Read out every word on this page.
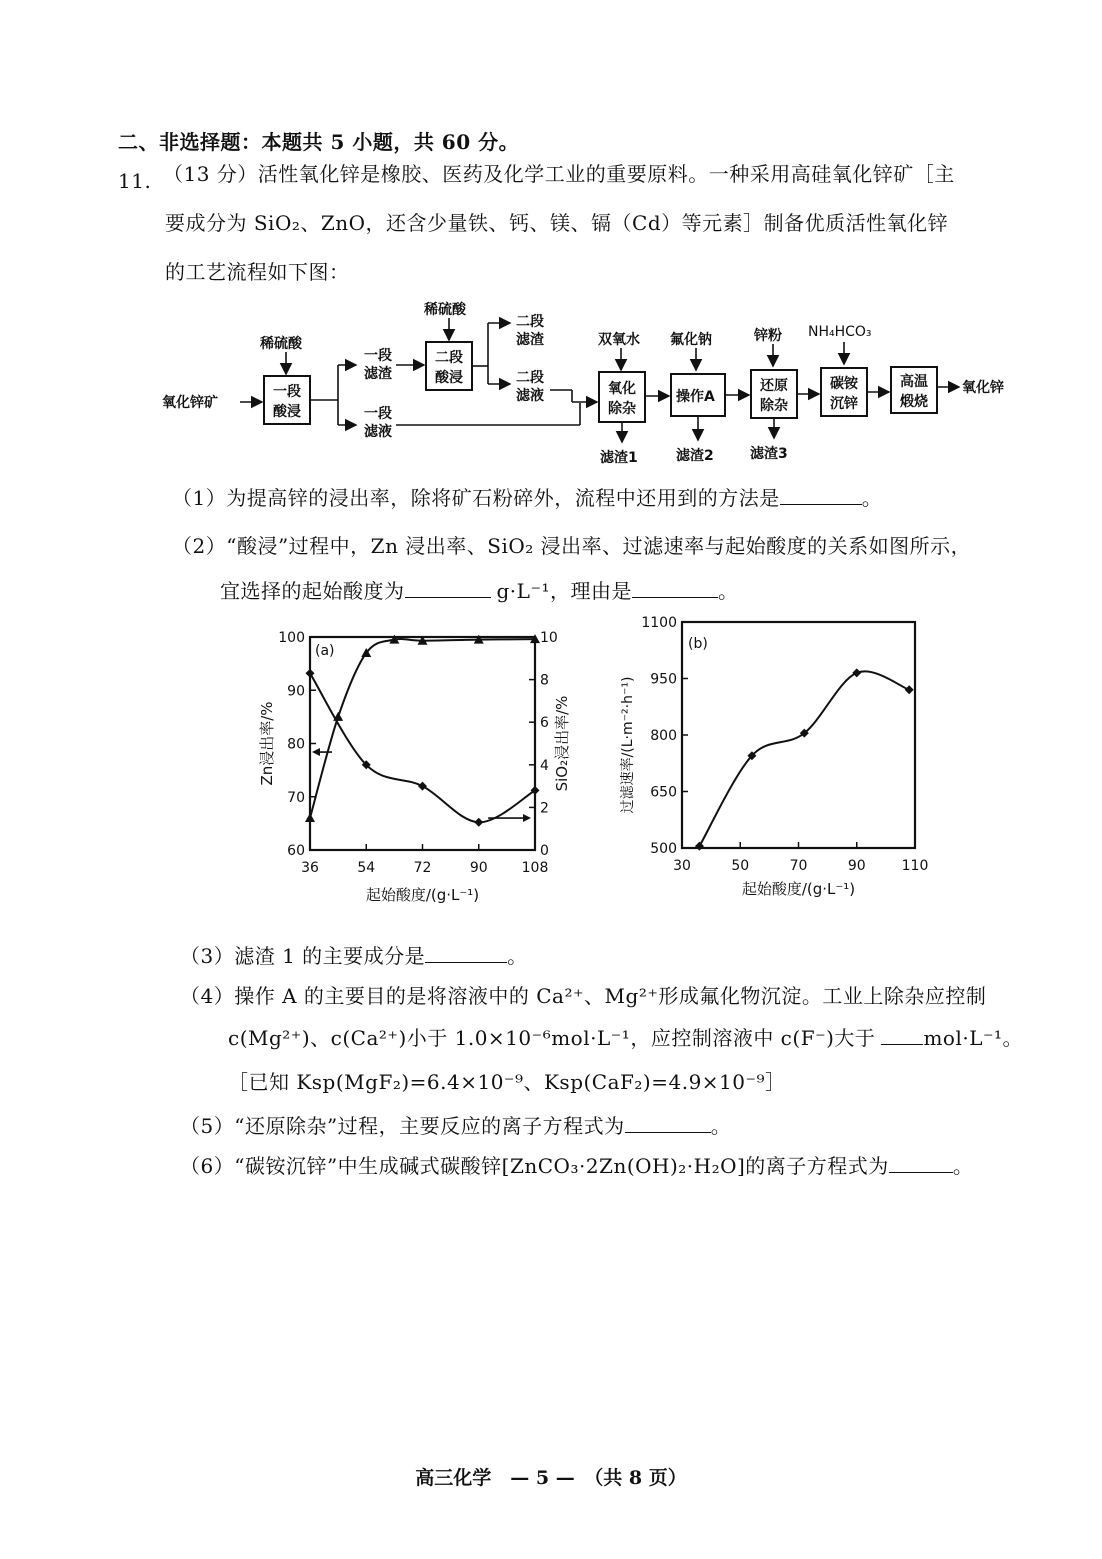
二、非选择题：本题共 5 小题，共 60 分。
11. （13 分）活性氧化锌是橡胶、医药及化学工业的重要原料。一种采用高硅氧化锌矿［主
要成分为 SiO₂、ZnO，还含少量铁、钙、镁、镉（Cd）等元素］制备优质活性氧化锌
的工艺流程如下图：
氧化锌矿
稀硫酸
一段
酸浸
一段
滤渣
一段
滤液
稀硫酸
二段
酸浸
二段
滤渣
二段
滤液
双氧水
氧化
除杂
滤渣1
氟化钠
操作A
滤渣2
锌粉
还原
除杂
滤渣3
NH₄HCO₃
碳铵
沉锌
高温
煅烧
氧化锌
（1）为提高锌的浸出率，除将矿石粉碎外，流程中还用到的方法是	。
（2）“酸浸”过程中，Zn 浸出率、SiO₂ 浸出率、过滤速率与起始酸度的关系如图所示，
宜选择的起始酸度为	g·L⁻¹，理由是	。
(a)
36	54	72	90 108
60
70
80
90
100
0
2
4
6
8
10
起始酸度/(g·L⁻¹)
Zn浸出率/%	SiO₂浸出率/%
(b)
30	50	70	90	110
500
650
800
950
1100
起始酸度/(g·L⁻¹)
过滤速率/(L·m⁻²·h⁻¹)
（3）滤渣 1 的主要成分是	。
（4）操作 A 的主要目的是将溶液中的 Ca²⁺、Mg²⁺形成氟化物沉淀。工业上除杂应控制
c(Mg²⁺)、c(Ca²⁺)小于 1.0×10⁻⁶mol·L⁻¹，应控制溶液中 c(F⁻)大于 mol·L⁻¹。
［已知 Ksp(MgF₂)=6.4×10⁻⁹、Ksp(CaF₂)=4.9×10⁻⁹］
（5）“还原除杂”过程，主要反应的离子方程式为	。
（6）“碳铵沉锌”中生成碱式碳酸锌[ZnCO₃·2Zn(OH)₂·H₂O]的离子方程式为	。
高三化学　— 5 —　（共 8 页）
